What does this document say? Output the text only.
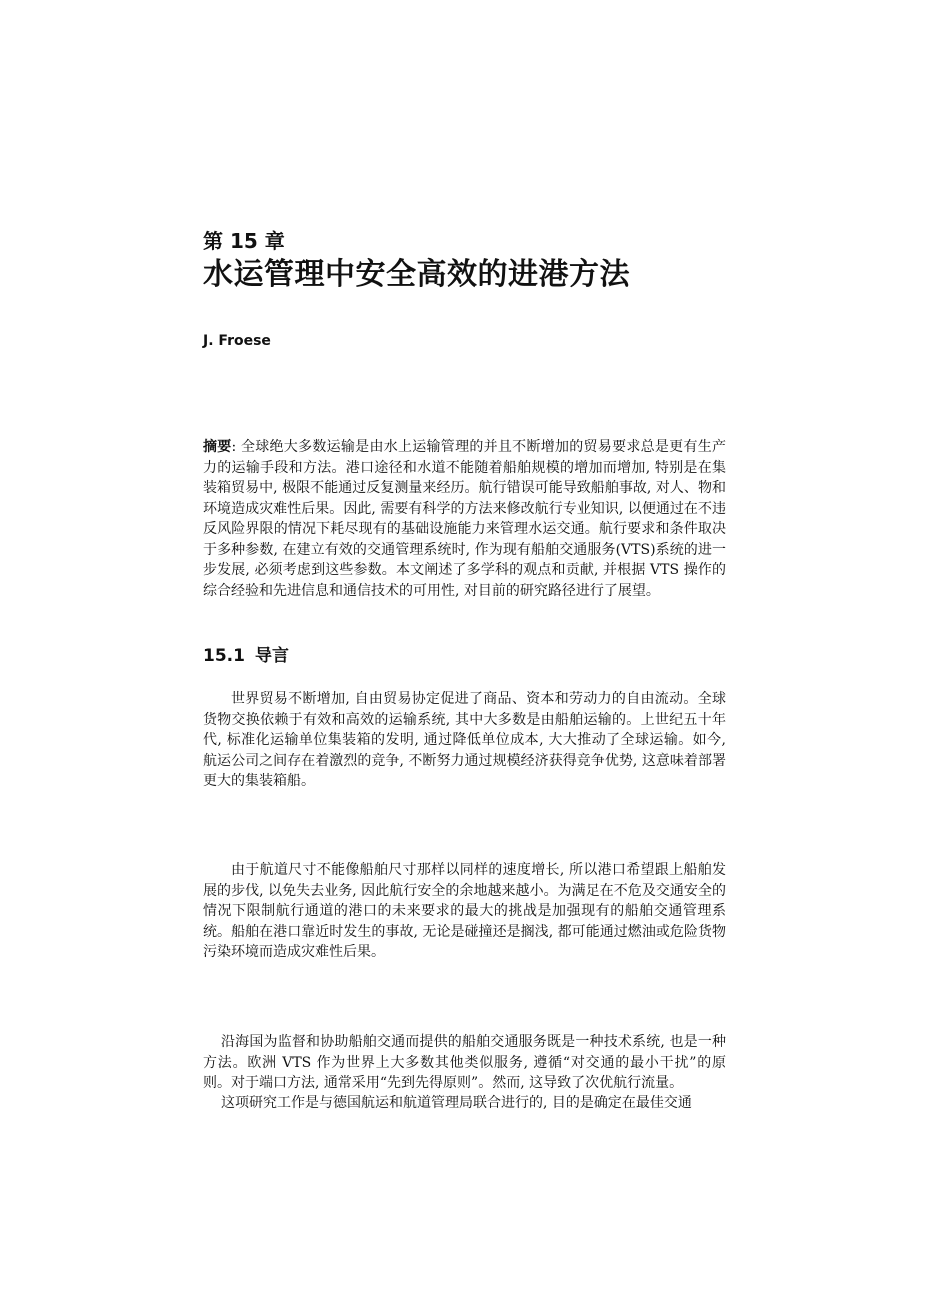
第 15 章
水运管理中安全高效的进港方法
J. Froese

摘要: 全球绝大多数运输是由水上运输管理的并且不断增加的贸易要求总是更有生产力的运输手段和方法。港口途径和水道不能随着船舶规模的增加而增加, 特别是在集装箱贸易中, 极限不能通过反复测量来经历。航行错误可能导致船舶事故, 对人、物和环境造成灾难性后果。因此, 需要有科学的方法来修改航行专业知识, 以便通过在不违反风险界限的情况下耗尽现有的基础设施能力来管理水运交通。航行要求和条件取决于多种参数, 在建立有效的交通管理系统时, 作为现有船舶交通服务(VTS)系统的进一步发展, 必须考虑到这些参数。本文阐述了多学科的观点和贡献, 并根据 VTS 操作的综合经验和先进信息和通信技术的可用性, 对目前的研究路径进行了展望。

15.1 导言

世界贸易不断增加, 自由贸易协定促进了商品、资本和劳动力的自由流动。全球货物交换依赖于有效和高效的运输系统, 其中大多数是由船舶运输的。上世纪五十年代, 标准化运输单位集装箱的发明, 通过降低单位成本, 大大推动了全球运输。如今, 航运公司之间存在着激烈的竞争, 不断努力通过规模经济获得竞争优势, 这意味着部署更大的集装箱船。

由于航道尺寸不能像船舶尺寸那样以同样的速度增长, 所以港口希望跟上船舶发展的步伐, 以免失去业务, 因此航行安全的余地越来越小。为满足在不危及交通安全的情况下限制航行通道的港口的未来要求的最大的挑战是加强现有的船舶交通管理系统。船舶在港口靠近时发生的事故, 无论是碰撞还是搁浅, 都可能通过燃油或危险货物污染环境而造成灾难性后果。

沿海国为监督和协助船舶交通而提供的船舶交通服务既是一种技术系统, 也是一种方法。欧洲 VTS 作为世界上大多数其他类似服务, 遵循“对交通的最小干扰”的原则。对于端口方法, 通常采用“先到先得原则”。然而, 这导致了次优航行流量。

这项研究工作是与德国航运和航道管理局联合进行的, 目的是确定在最佳交通
